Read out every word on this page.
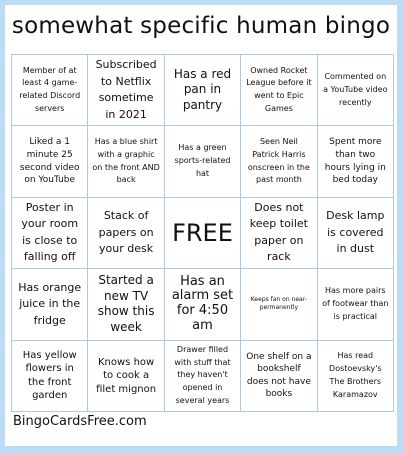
somewhat specific human bingo
Member of at least 4 game-related Discord servers
Subscribed to Netflix sometime in 2021
Has a red pan in pantry
Owned Rocket League before it went to Epic Games
Commented on a YouTube video recently
Liked a 1 minute 25 second video on YouTube
Has a blue shirt with a graphic on the front AND back
Has a green sports-related hat
Seen Neil Patrick Harris onscreen in the past month
Spent more than two hours lying in bed today
Poster in your room is close to falling off
Stack of papers on your desk
FREE
Does not keep toilet paper on rack
Desk lamp is covered in dust
Has orange juice in the fridge
Started a new TV show this week
Has an alarm set for 4:50 am
Keeps fan on near-permanently
Has more pairs of footwear than is practical
Has yellow flowers in the front garden
Knows how to cook a filet mignon
Drawer filled with stuff that they haven't opened in several years
One shelf on a bookshelf does not have books
Has read Dostoevsky's The Brothers Karamazov
BingoCardsFree.com
